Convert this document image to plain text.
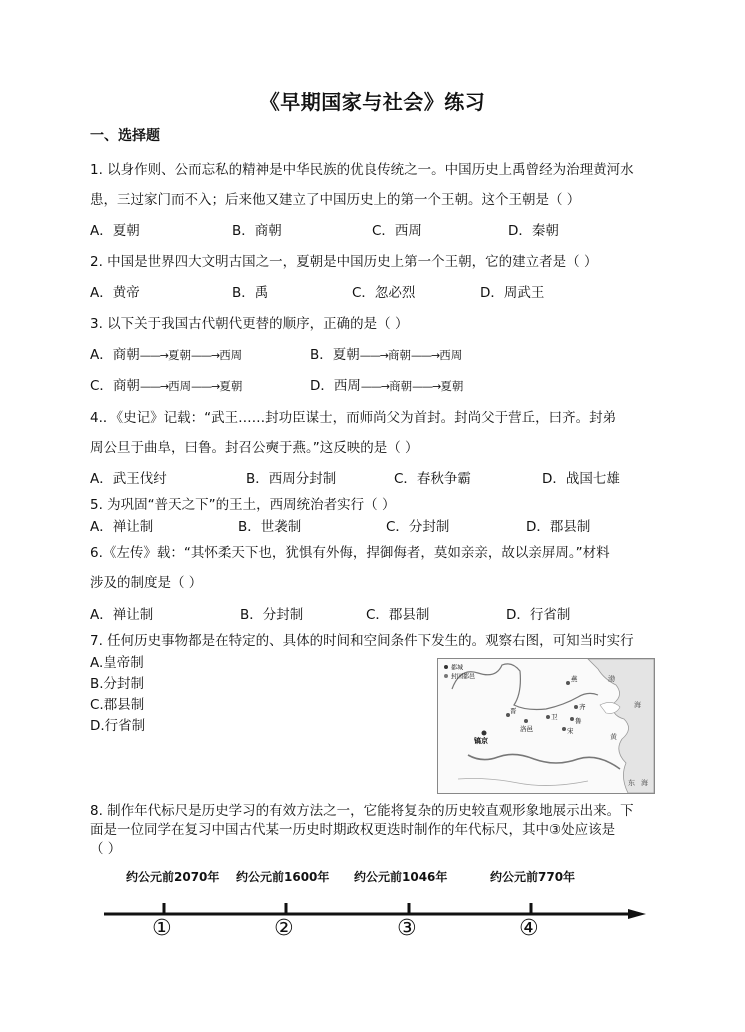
《早期国家与社会》练习
一、选择题
1. 以身作则、公而忘私的精神是中华民族的优良传统之一。中国历史上禹曾经为治理黄河水
患，三过家门而不入；后来他又建立了中国历史上的第一个王朝。这个王朝是（ ）
A．夏朝	B．商朝	C．西周	D．秦朝
2. 中国是世界四大文明古国之一，夏朝是中国历史上第一个王朝，它的建立者是（ ）
A．黄帝	B．禹	C．忽必烈	D．周武王
3. 以下关于我国古代朝代更替的顺序，正确的是（ ）
A．商朝——→夏朝——→西周	B．夏朝——→商朝——→西周
C．商朝——→西周——→夏朝	D．西周——→商朝——→夏朝
4.．《史记》记载：“武王……封功臣谋士，而师尚父为首封。封尚父于营丘，曰齐。封弟
周公旦于曲阜，曰鲁。封召公奭于燕。”这反映的是（ ）
A．武王伐纣	B．西周分封制	C．春秋争霸	D．战国七雄
5. 为巩固“普天之下”的王土，西周统治者实行（ ）
A．禅让制	B．世袭制	C．分封制	D．郡县制
6.《左传》载：“其怀柔天下也，犹惧有外侮，捍御侮者，莫如亲亲，故以亲屏周。”材料
涉及的制度是（ ）
A．禅让制	B．分封制	C．郡县制	D．行省制
7. 任何历史事物都是在特定的、具体的时间和空间条件下发生的。观察右图，可知当时实行
A.皇帝制
B.分封制
C.郡县制
D.行省制
都城
封国都邑	燕
齐
鲁
宋
卫
晋
洛邑
镐京
渤
海
黄
东 海
8. 制作年代标尺是历史学习的有效方法之一，它能将复杂的历史较直观形象地展示出来。下
面是一位同学在复习中国古代某一历史时期政权更迭时制作的年代标尺，其中③处应该是
（ ）
约公元前2070年 约公元前1600年 约公元前1046年	约公元前770年
①	②	③	④
